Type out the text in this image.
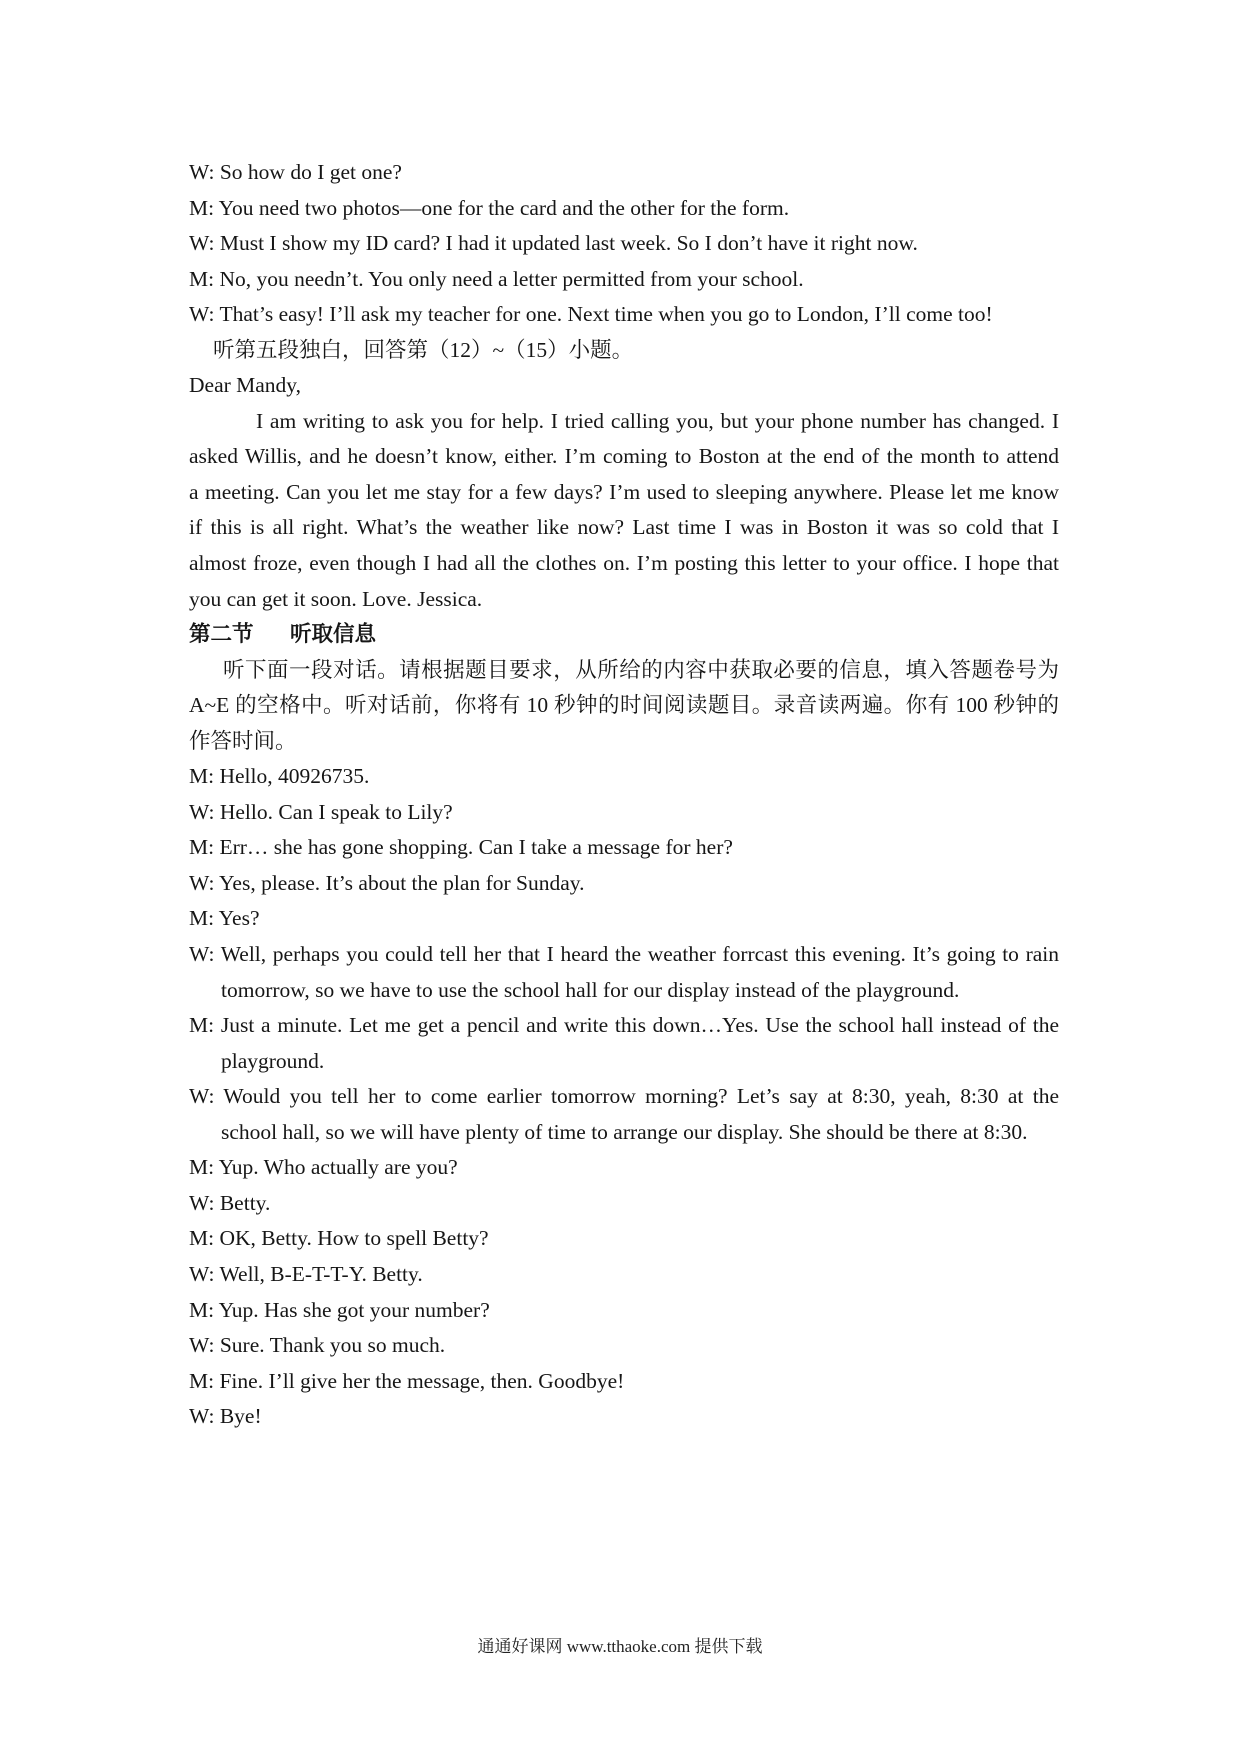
W: So how do I get one?
M: You need two photos—one for the card and the other for the form.
W: Must I show my ID card? I had it updated last week. So I don’t have it right now.
M: No, you needn’t. You only need a letter permitted from your school.
W: That’s easy! I’ll ask my teacher for one. Next time when you go to London, I’ll come too!
听第五段独白，回答第（12）~（15）小题。
Dear Mandy,
I am writing to ask you for help. I tried calling you, but your phone number has changed. I
asked Willis, and he doesn’t know, either. I’m coming to Boston at the end of the month to attend
a meeting. Can you let me stay for a few days? I’m used to sleeping anywhere. Please let me know
if this is all right. What’s the weather like now? Last time I was in Boston it was so cold that I
almost froze, even though I had all the clothes on. I’m posting this letter to your office. I hope that
you can get it soon. Love. Jessica.
第二节 听取信息
听下面一段对话。请根据题目要求，从所给的内容中获取必要的信息，填入答题卷号为
A~E 的空格中。听对话前，你将有 10 秒钟的时间阅读题目。录音读两遍。你有 100 秒钟的
作答时间。
M: Hello, 40926735.
W: Hello. Can I speak to Lily?
M: Err… she has gone shopping. Can I take a message for her?
W: Yes, please. It’s about the plan for Sunday.
M: Yes?
W: Well, perhaps you could tell her that I heard the weather forrcast this evening. It’s going to rain
tomorrow, so we have to use the school hall for our display instead of the playground.
M: Just a minute. Let me get a pencil and write this down…Yes. Use the school hall instead of the
playground.
W: Would you tell her to come earlier tomorrow morning? Let’s say at 8:30, yeah, 8:30 at the
school hall, so we will have plenty of time to arrange our display. She should be there at 8:30.
M: Yup. Who actually are you?
W: Betty.
M: OK, Betty. How to spell Betty?
W: Well, B-E-T-T-Y. Betty.
M: Yup. Has she got your number?
W: Sure. Thank you so much.
M: Fine. I’ll give her the message, then. Goodbye!
W: Bye!
通通好课网 www.tthaoke.com 提供下载
